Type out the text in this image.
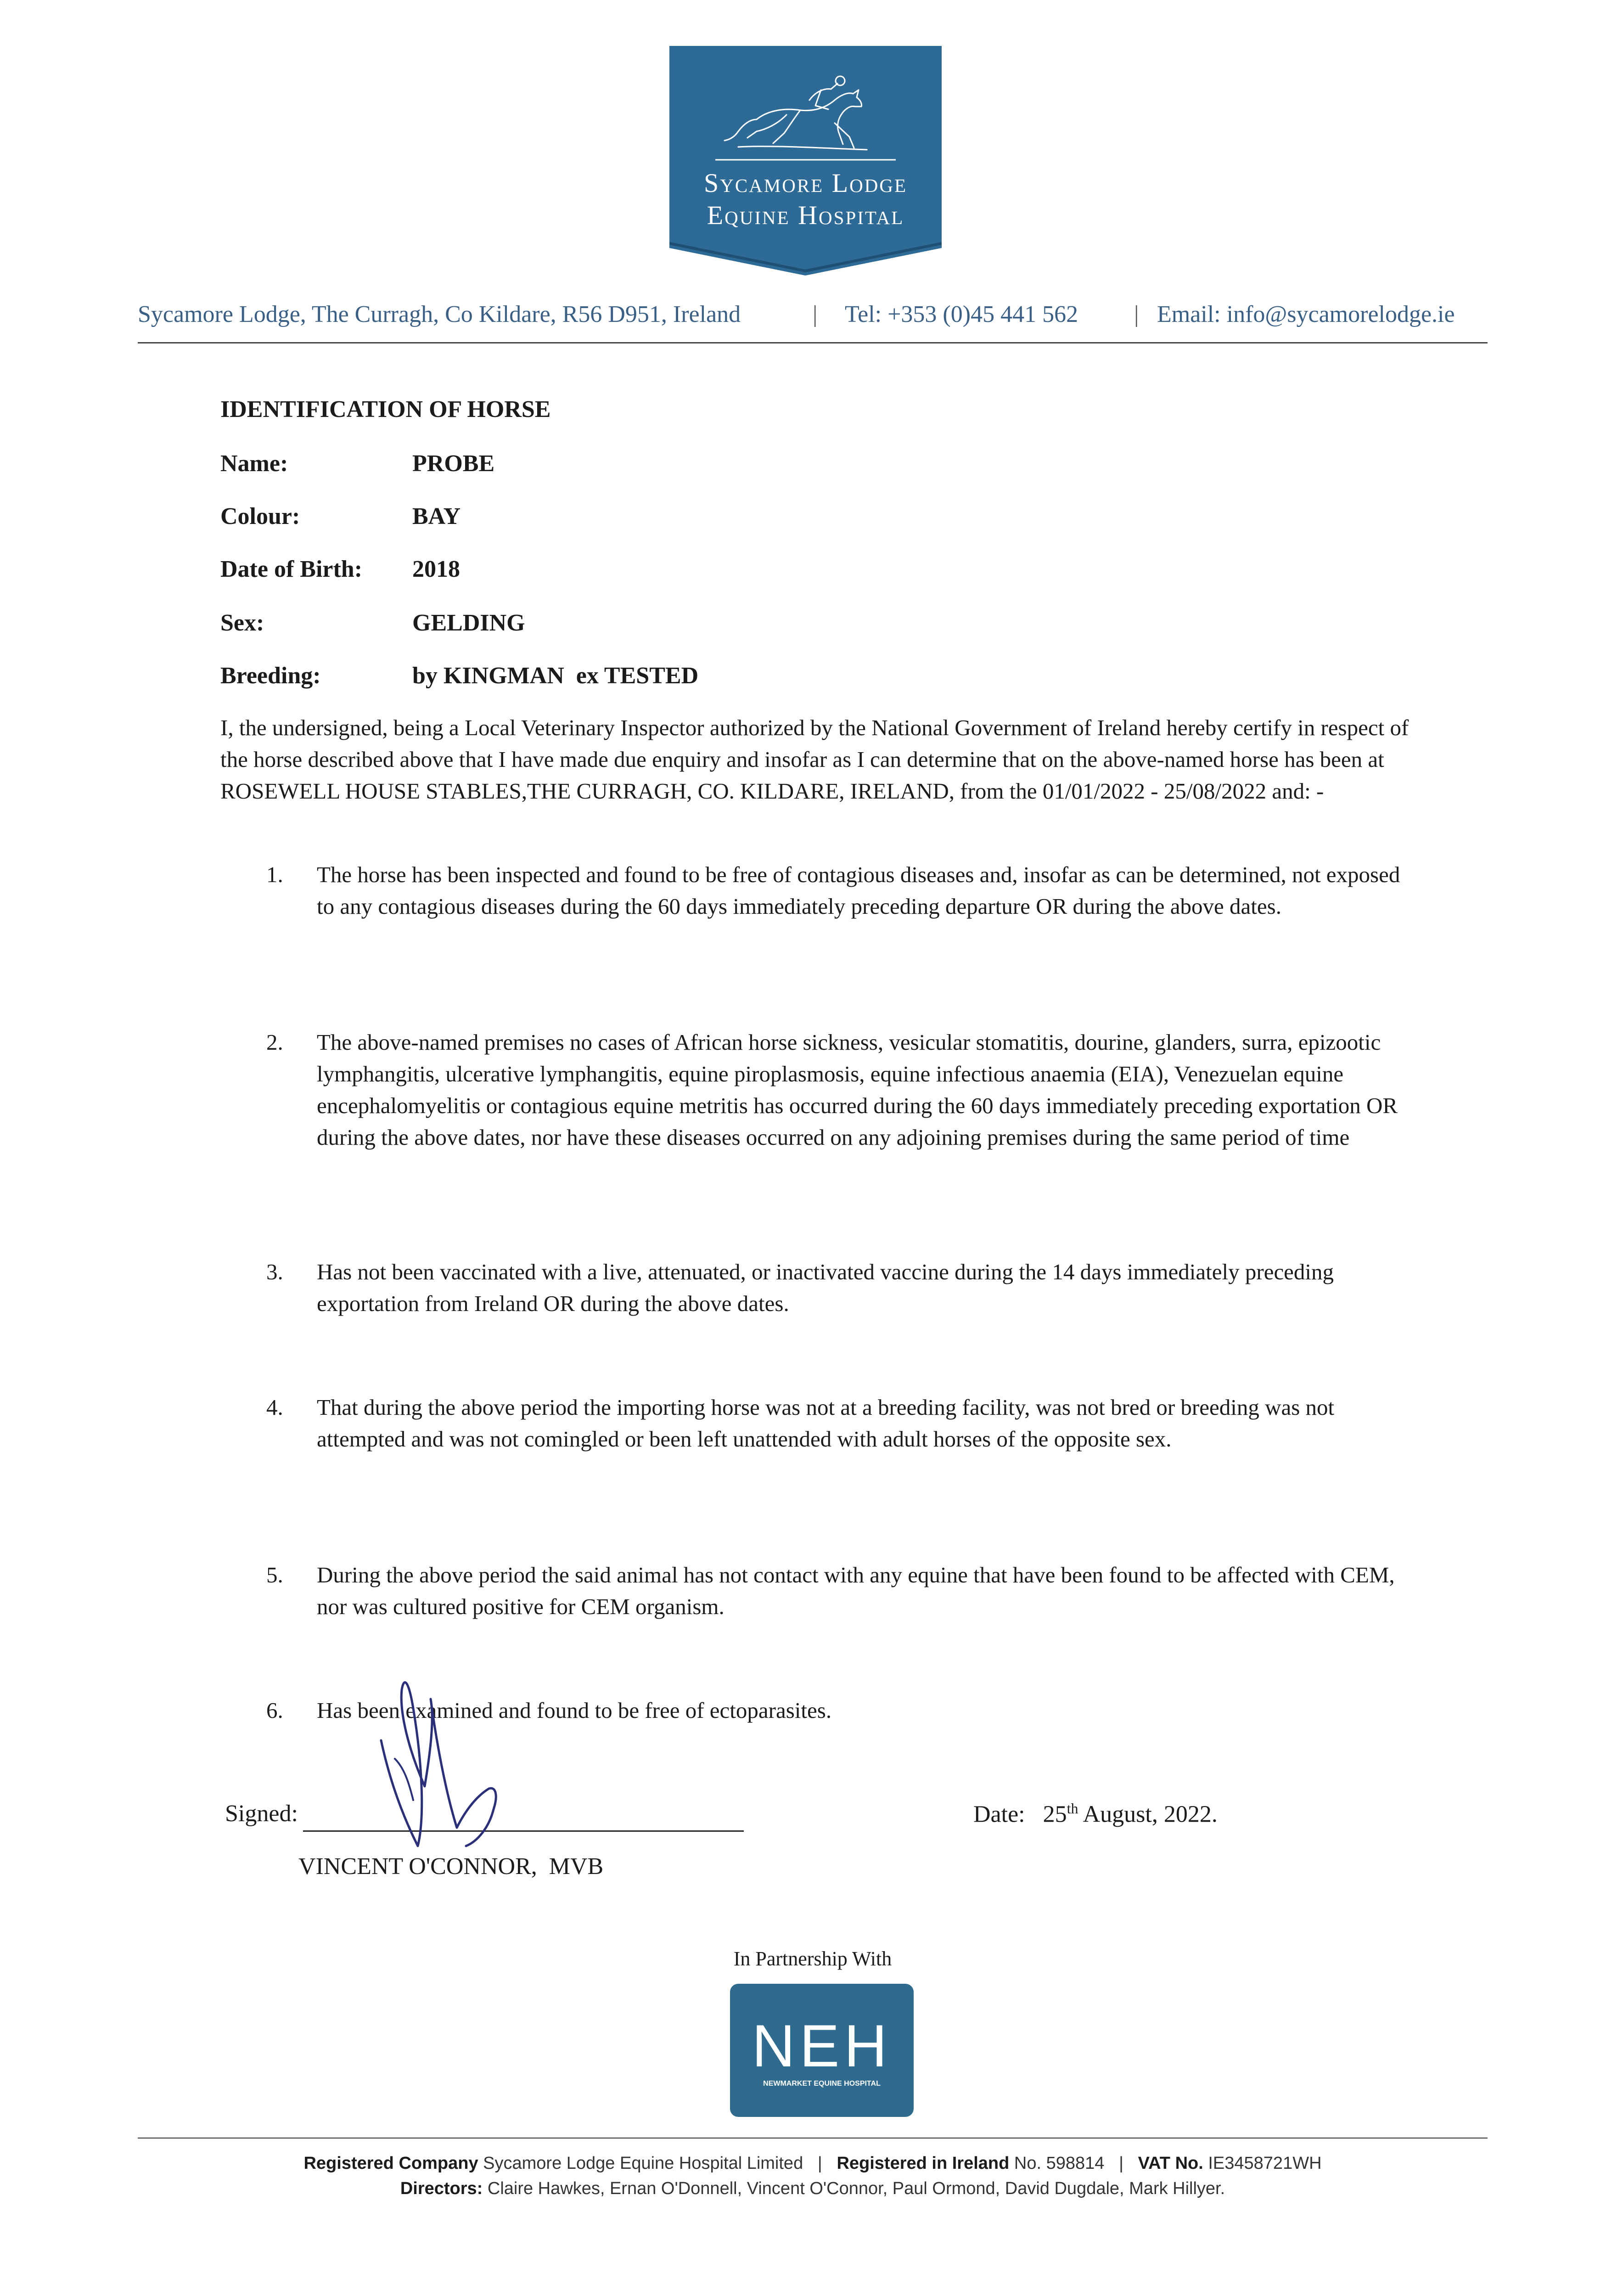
Sycamore Lodge
Equine Hospital
Sycamore Lodge, The Curragh, Co Kildare, R56 D951, Ireland	| Tel: +353 (0)45 441 562 | Email: info@sycamorelodge.ie
IDENTIFICATION OF HORSE
Name:	PROBE
Colour:	BAY
Date of Birth: 2018
Sex:	GELDING
Breeding:	by KINGMAN  ex TESTED
I, the undersigned, being a Local Veterinary Inspector authorized by the National Government of Ireland hereby certify in respect of the horse described above that I have made due enquiry and insofar as I can determine that on the above-named horse has been at ROSEWELL HOUSE STABLES,THE CURRAGH, CO. KILDARE, IRELAND, from the 01/01/2022 - 25/08/2022 and: -
1. The horse has been inspected and found to be free of contagious diseases and, insofar as can be determined, not exposed to any contagious diseases during the 60 days immediately preceding departure OR during the above dates.
2. The above-named premises no cases of African horse sickness, vesicular stomatitis, dourine, glanders, surra, epizootic lymphangitis, ulcerative lymphangitis, equine piroplasmosis, equine infectious anaemia (EIA), Venezuelan equine encephalomyelitis or contagious equine metritis has occurred during the 60 days immediately preceding exportation OR during the above dates, nor have these diseases occurred on any adjoining premises during the same period of time
3. Has not been vaccinated with a live, attenuated, or inactivated vaccine during the 14 days immediately preceding exportation from Ireland OR during the above dates.
4. That during the above period the importing horse was not at a breeding facility, was not bred or breeding was not attempted and was not comingled or been left unattended with adult horses of the opposite sex.
5. During the above period the said animal has not contact with any equine that have been found to be affected with CEM, nor was cultured positive for CEM organism.
6. Has been examined and found to be free of ectoparasites.
Signed:
VINCENT O'CONNOR,  MVB
Date:   25th August, 2022.
In Partnership With
NEH
NEWMARKET EQUINE HOSPITAL
Registered Company Sycamore Lodge Equine Hospital Limited | Registered in Ireland No. 598814 | VAT No. IE3458721WH
Directors: Claire Hawkes, Ernan O'Donnell, Vincent O'Connor, Paul Ormond, David Dugdale, Mark Hillyer.
